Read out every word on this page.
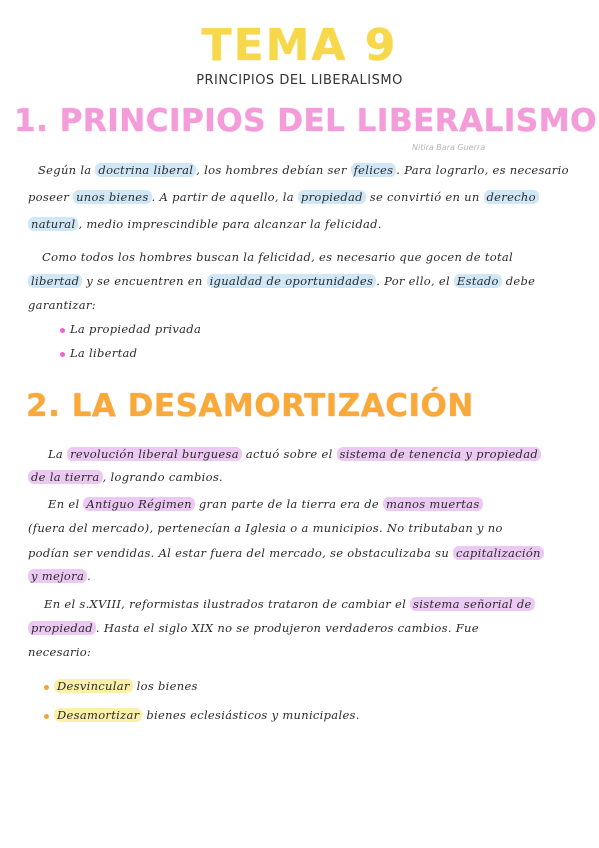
TEMA 9
PRINCIPIOS DEL LIBERALISMO
1. PRINCIPIOS DEL LIBERALISMO
Nitira Bara Guerra
Según la doctrina liberal , los hombres debían ser felices . Para lograrlo, es necesario
poseer unos bienes . A partir de aquello, la propiedad se convirtió en un derecho
natural , medio imprescindible para alcanzar la felicidad.
Como todos los hombres buscan la felicidad, es necesario que gocen de total
libertad y se encuentren en igualdad de oportunidades . Por ello, el Estado debe
garantizar:
La propiedad privada
La libertad
2. LA DESAMORTIZACIÓN
La revolución liberal burguesa actuó sobre el sistema de tenencia y propiedad
de la tierra , logrando cambios.
En el Antiguo Régimen gran parte de la tierra era de manos muertas
(fuera del mercado), pertenecían a Iglesia o a municipios. No tributaban y no
podían ser vendidas. Al estar fuera del mercado, se obstaculizaba su capitalización
y mejora .
En el s.XVIII, reformistas ilustrados trataron de cambiar el sistema señorial de
propiedad . Hasta el siglo XIX no se produjeron verdaderos cambios. Fue
necesario:
Desvincular los bienes
Desamortizar bienes eclesiásticos y municipales.
